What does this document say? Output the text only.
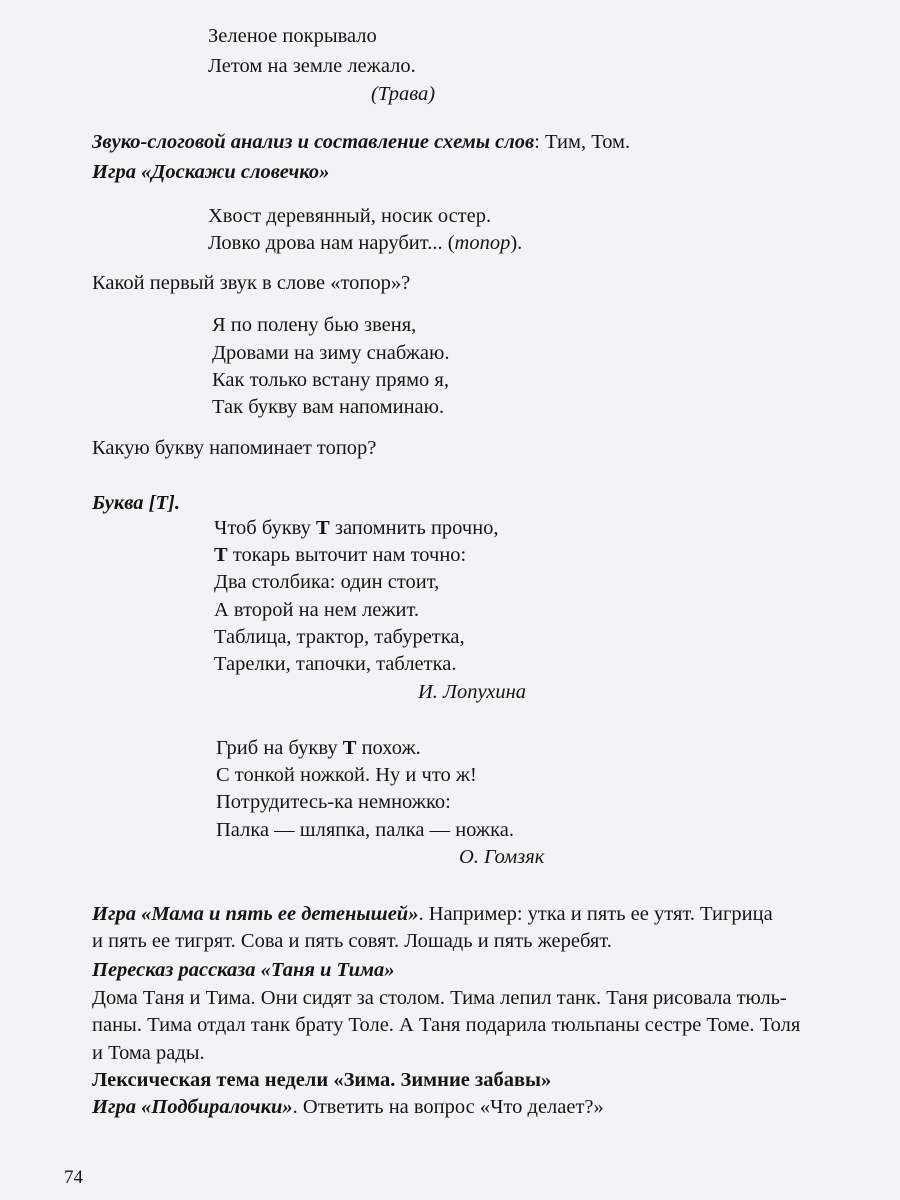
Зеленое покрывало
Летом на земле лежало.
(Трава)
Звуко-слоговой анализ и составление схемы слов: Тим, Том.
Игра «Доскажи словечко»
Хвост деревянный, носик остер.
Ловко дрова нам нарубит... (топор).
Какой первый звук в слове «топор»?
Я по полену бью звеня,
Дровами на зиму снабжаю.
Как только встану прямо я,
Так букву вам напоминаю.
Какую букву напоминает топор?
Буква [Т].
Чтоб букву Т запомнить прочно,
Т токарь выточит нам точно:
Два столбика: один стоит,
А второй на нем лежит.
Таблица, трактор, табуретка,
Тарелки, тапочки, таблетка.
И. Лопухина
Гриб на букву Т похож.
С тонкой ножкой. Ну и что ж!
Потрудитесь-ка немножко:
Палка — шляпка, палка — ножка.
О. Гомзяк
Игра «Мама и пять ее детенышей». Например: утка и пять ее утят. Тигрица
и пять ее тигрят. Сова и пять совят. Лошадь и пять жеребят.
Пересказ рассказа «Таня и Тима»
Дома Таня и Тима. Они сидят за столом. Тима лепил танк. Таня рисовала тюль-
паны. Тима отдал танк брату Толе. А Таня подарила тюльпаны сестре Томе. Толя
и Тома рады.
Лексическая тема недели «Зима. Зимние забавы»
Игра «Подбиралочки». Ответить на вопрос «Что делает?»
74
